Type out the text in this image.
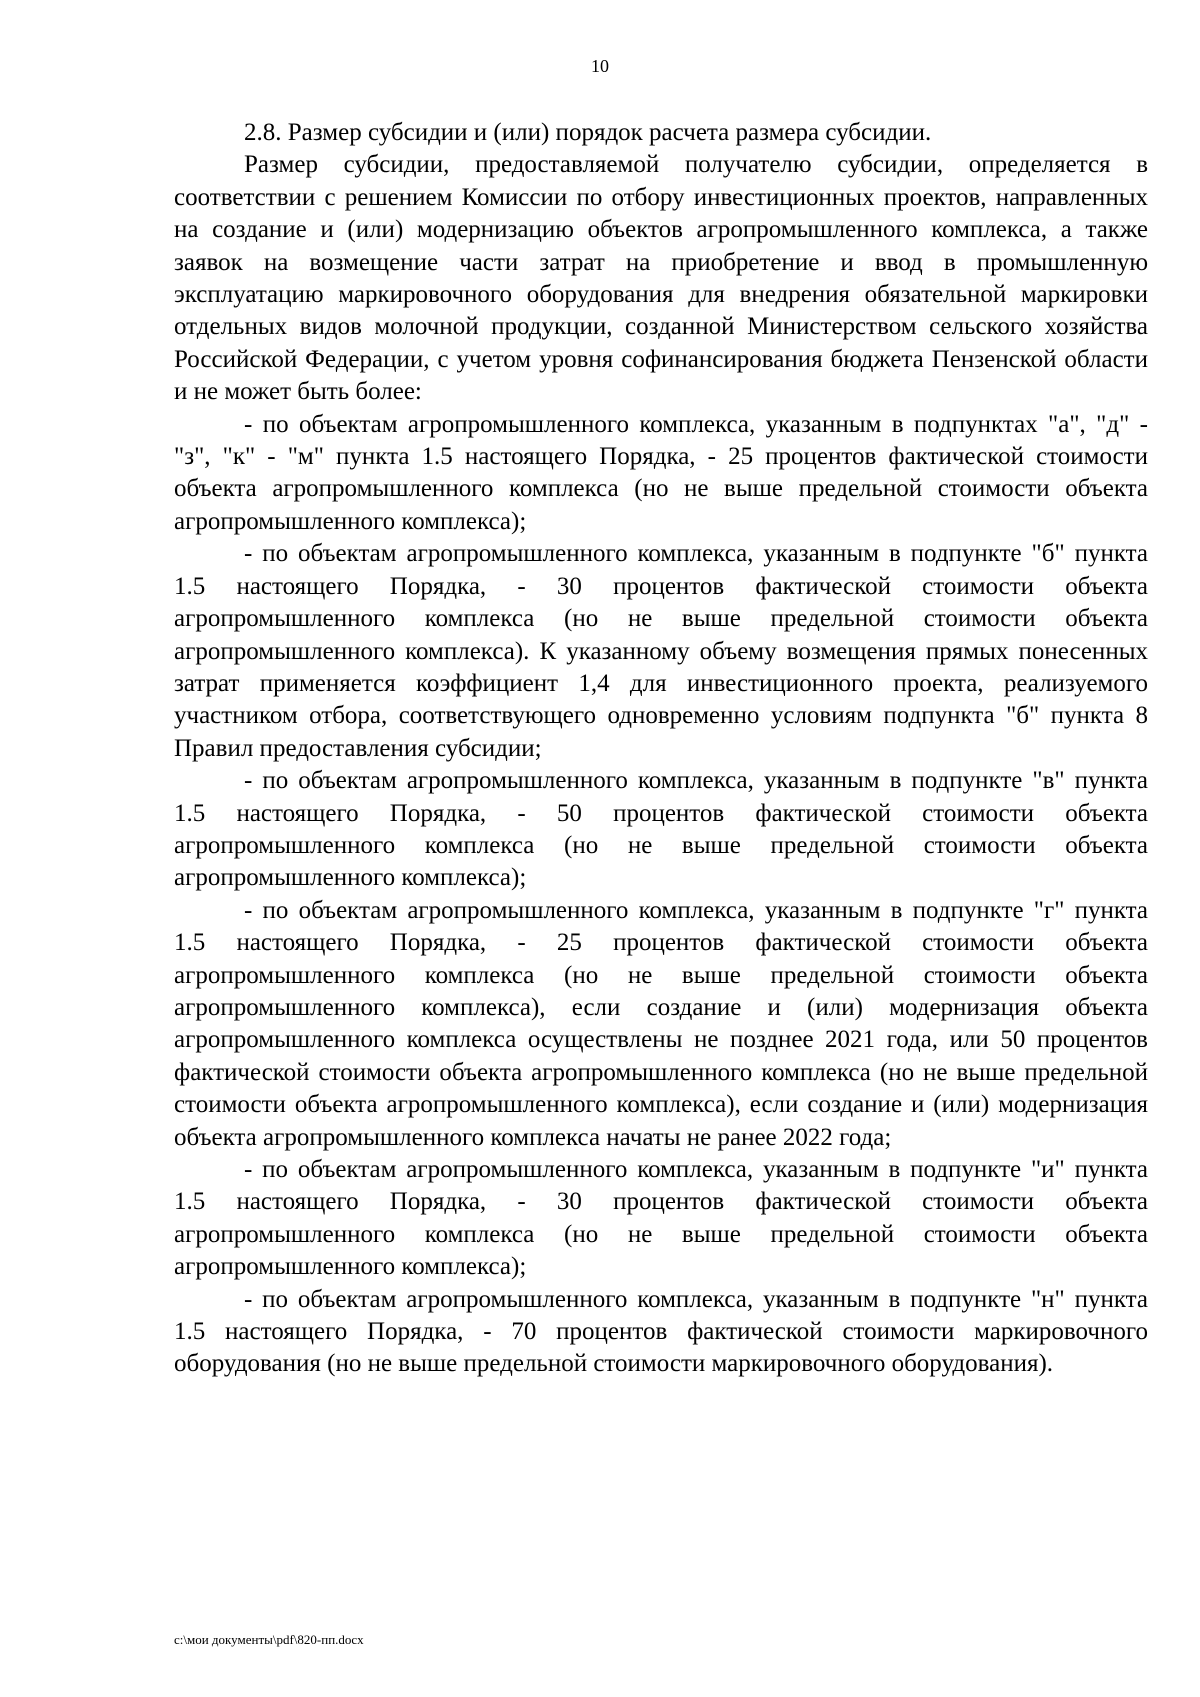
10

2.8. Размер субсидии и (или) порядок расчета размера субсидии.

Размер субсидии, предоставляемой получателю субсидии, определяется в соответствии с решением Комиссии по отбору инвестиционных проектов, направленных на создание и (или) модернизацию объектов агропромышленного комплекса, а также заявок на возмещение части затрат на приобретение и ввод в промышленную эксплуатацию маркировочного оборудования для внедрения обязательной маркировки отдельных видов молочной продукции, созданной Министерством сельского хозяйства Российской Федерации, с учетом уровня софинансирования бюджета Пензенской области и не может быть более:

- по объектам агропромышленного комплекса, указанным в подпунктах "а", "д" - "з", "к" - "м" пункта 1.5 настоящего Порядка, - 25 процентов фактической стоимости объекта агропромышленного комплекса (но не выше предельной стоимости объекта агропромышленного комплекса);

- по объектам агропромышленного комплекса, указанным в подпункте "б" пункта 1.5 настоящего Порядка, - 30 процентов фактической стоимости объекта агропромышленного комплекса (но не выше предельной стоимости объекта агропромышленного комплекса). К указанному объему возмещения прямых понесенных затрат применяется коэффициент 1,4 для инвестиционного проекта, реализуемого участником отбора, соответствующего одновременно условиям подпункта "б" пункта 8 Правил предоставления субсидии;

- по объектам агропромышленного комплекса, указанным в подпункте "в" пункта 1.5 настоящего Порядка, - 50 процентов фактической стоимости объекта агропромышленного комплекса (но не выше предельной стоимости объекта агропромышленного комплекса);

- по объектам агропромышленного комплекса, указанным в подпункте "г" пункта 1.5 настоящего Порядка, - 25 процентов фактической стоимости объекта агропромышленного комплекса (но не выше предельной стоимости объекта агропромышленного комплекса), если создание и (или) модернизация объекта агропромышленного комплекса осуществлены не позднее 2021 года, или 50 процентов фактической стоимости объекта агропромышленного комплекса (но не выше предельной стоимости объекта агропромышленного комплекса), если создание и (или) модернизация объекта агропромышленного комплекса начаты не ранее 2022 года;

- по объектам агропромышленного комплекса, указанным в подпункте "и" пункта 1.5 настоящего Порядка, - 30 процентов фактической стоимости объекта агропромышленного комплекса (но не выше предельной стоимости объекта агропромышленного комплекса);

- по объектам агропромышленного комплекса, указанным в подпункте "н" пункта 1.5 настоящего Порядка, - 70 процентов фактической стоимости маркировочного оборудования (но не выше предельной стоимости маркировочного оборудования).

c:\мои документы\pdf\820-пп.docx
